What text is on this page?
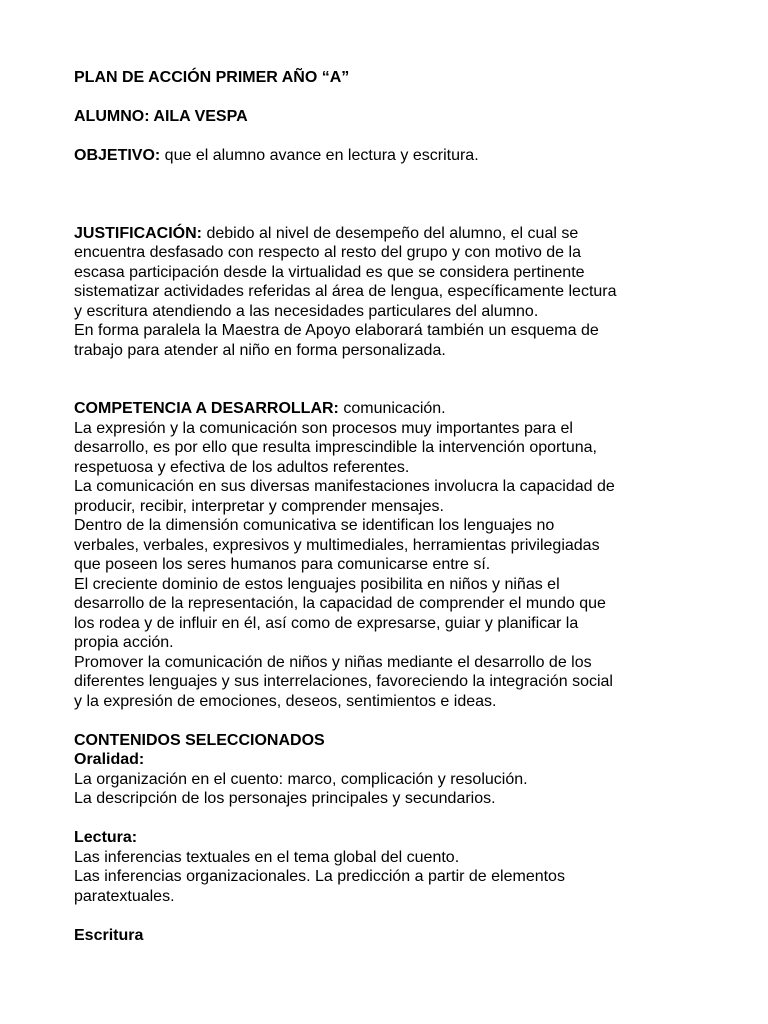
PLAN DE ACCIÓN PRIMER AÑO “A”
ALUMNO: AILA VESPA
OBJETIVO: que el alumno avance en lectura y escritura.
JUSTIFICACIÓN: debido al nivel de desempeño del alumno, el cual se
encuentra desfasado con respecto al resto del grupo y con motivo de la
escasa participación desde la virtualidad es que se considera pertinente
sistematizar actividades referidas al área de lengua, específicamente lectura
y escritura atendiendo a las necesidades particulares del alumno.
En forma paralela la Maestra de Apoyo elaborará también un esquema de
trabajo para atender al niño en forma personalizada.
COMPETENCIA A DESARROLLAR: comunicación.
La expresión y la comunicación son procesos muy importantes para el
desarrollo, es por ello que resulta imprescindible la intervención oportuna,
respetuosa y efectiva de los adultos referentes.
La comunicación en sus diversas manifestaciones involucra la capacidad de
producir, recibir, interpretar y comprender mensajes.
Dentro de la dimensión comunicativa se identifican los lenguajes no
verbales, verbales, expresivos y multimediales, herramientas privilegiadas
que poseen los seres humanos para comunicarse entre sí.
El creciente dominio de estos lenguajes posibilita en niños y niñas el
desarrollo de la representación, la capacidad de comprender el mundo que
los rodea y de influir en él, así como de expresarse, guiar y planificar la
propia acción.
Promover la comunicación de niños y niñas mediante el desarrollo de los
diferentes lenguajes y sus interrelaciones, favoreciendo la integración social
y la expresión de emociones, deseos, sentimientos e ideas.
CONTENIDOS SELECCIONADOS
Oralidad:
La organización en el cuento: marco, complicación y resolución.
La descripción de los personajes principales y secundarios.
Lectura:
Las inferencias textuales en el tema global del cuento.
Las inferencias organizacionales. La predicción a partir de elementos
paratextuales.
Escritura
